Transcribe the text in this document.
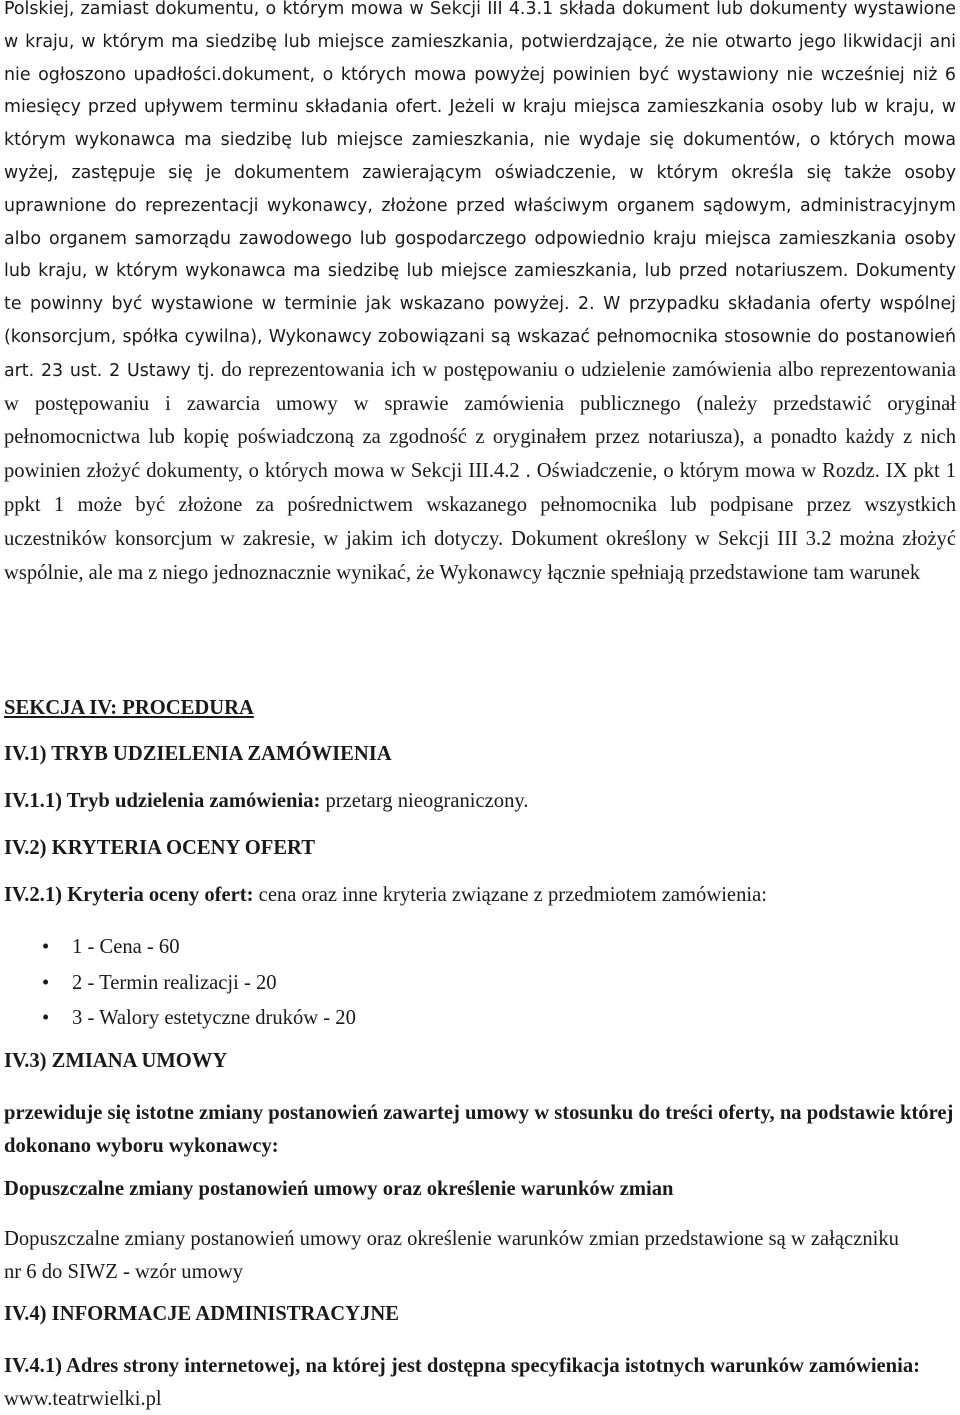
Polskiej, zamiast dokumentu, o którym mowa w Sekcji III 4.3.1 składa dokument lub dokumenty wystawione w kraju, w którym ma siedzibę lub miejsce zamieszkania, potwierdzające, że nie otwarto jego likwidacji ani nie ogłoszono upadłości.dokument, o których mowa powyżej powinien być wystawiony nie wcześniej niż 6 miesięcy przed upływem terminu składania ofert. Jeżeli w kraju miejsca zamieszkania osoby lub w kraju, w którym wykonawca ma siedzibę lub miejsce zamieszkania, nie wydaje się dokumentów, o których mowa wyżej, zastępuje się je dokumentem zawierającym oświadczenie, w którym określa się także osoby uprawnione do reprezentacji wykonawcy, złożone przed właściwym organem sądowym, administracyjnym albo organem samorządu zawodowego lub gospodarczego odpowiednio kraju miejsca zamieszkania osoby lub kraju, w którym wykonawca ma siedzibę lub miejsce zamieszkania, lub przed notariuszem. Dokumenty te powinny być wystawione w terminie jak wskazano powyżej. 2. W przypadku składania oferty wspólnej (konsorcjum, spółka cywilna), Wykonawcy zobowiązani są wskazać pełnomocnika stosownie do postanowień art. 23 ust. 2 Ustawy tj. do reprezentowania ich w postępowaniu o udzielenie zamówienia albo reprezentowania w postępowaniu i zawarcia umowy w sprawie zamówienia publicznego (należy przedstawić oryginał pełnomocnictwa lub kopię poświadczoną za zgodność z oryginałem przez notariusza), a ponadto każdy z nich powinien złożyć dokumenty, o których mowa w Sekcji III.4.2 . Oświadczenie, o którym mowa w Rozdz. IX pkt 1 ppkt 1 może być złożone za pośrednictwem wskazanego pełnomocnika lub podpisane przez wszystkich uczestników konsorcjum w zakresie, w jakim ich dotyczy. Dokument określony w Sekcji III 3.2 można złożyć wspólnie, ale ma z niego jednoznacznie wynikać, że Wykonawcy łącznie spełniają przedstawione tam warunek

SEKCJA IV: PROCEDURA

IV.1) TRYB UDZIELENIA ZAMÓWIENIA

IV.1.1) Tryb udzielenia zamówienia: przetarg nieograniczony.

IV.2) KRYTERIA OCENY OFERT

IV.2.1) Kryteria oceny ofert: cena oraz inne kryteria związane z przedmiotem zamówienia:

• 1 - Cena - 60
• 2 - Termin realizacji - 20
• 3 - Walory estetyczne druków - 20

IV.3) ZMIANA UMOWY

przewiduje się istotne zmiany postanowień zawartej umowy w stosunku do treści oferty, na podstawie której dokonano wyboru wykonawcy:

Dopuszczalne zmiany postanowień umowy oraz określenie warunków zmian

Dopuszczalne zmiany postanowień umowy oraz określenie warunków zmian przedstawione są w załączniku nr 6 do SIWZ - wzór umowy

IV.4) INFORMACJE ADMINISTRACYJNE

IV.4.1) Adres strony internetowej, na której jest dostępna specyfikacja istotnych warunków zamówienia: www.teatrwielki.pl
